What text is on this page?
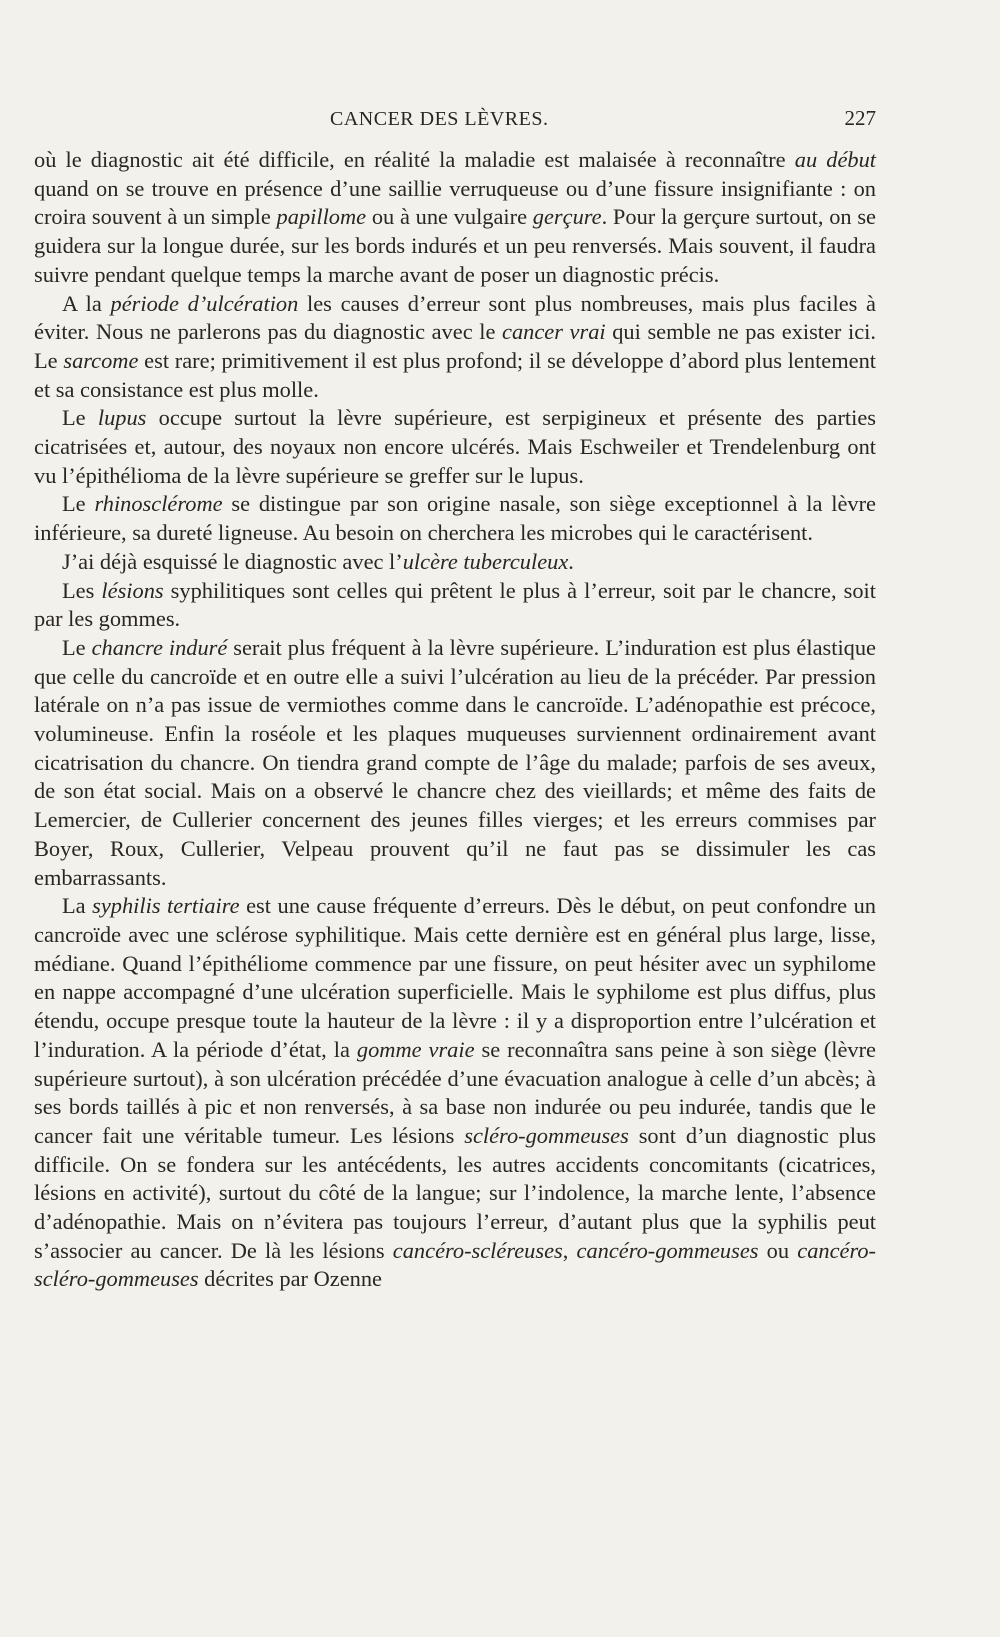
CANCER DES LÈVRES.	227

où le diagnostic ait été difficile, en réalité la maladie est malaisée à reconnaître au début quand on se trouve en présence d’une saillie verruqueuse ou d’une fissure insignifiante : on croira souvent à un simple papillome ou à une vulgaire gerçure. Pour la gerçure surtout, on se guidera sur la longue durée, sur les bords indurés et un peu renversés. Mais souvent, il faudra suivre pendant quelque temps la marche avant de poser un diagnostic précis.

A la période d’ulcération les causes d’erreur sont plus nombreuses, mais plus faciles à éviter. Nous ne parlerons pas du diagnostic avec le cancer vrai qui semble ne pas exister ici. Le sarcome est rare; primitivement il est plus profond; il se développe d’abord plus lentement et sa consistance est plus molle.

Le lupus occupe surtout la lèvre supérieure, est serpigineux et présente des parties cicatrisées et, autour, des noyaux non encore ulcérés. Mais Eschweiler et Trendelenburg ont vu l’épithélioma de la lèvre supérieure se greffer sur le lupus.

Le rhinosclérome se distingue par son origine nasale, son siège exceptionnel à la lèvre inférieure, sa dureté ligneuse. Au besoin on cherchera les microbes qui le caractérisent.

J’ai déjà esquissé le diagnostic avec l’ulcère tuberculeux.

Les lésions syphilitiques sont celles qui prêtent le plus à l’erreur, soit par le chancre, soit par les gommes.

Le chancre induré serait plus fréquent à la lèvre supérieure. L’induration est plus élastique que celle du cancroïde et en outre elle a suivi l’ulcération au lieu de la précéder. Par pression latérale on n’a pas issue de vermiothes comme dans le cancroïde. L’adénopathie est précoce, volumineuse. Enfin la roséole et les plaques muqueuses surviennent ordinairement avant cicatrisation du chancre. On tiendra grand compte de l’âge du malade; parfois de ses aveux, de son état social. Mais on a observé le chancre chez des vieillards; et même des faits de Lemercier, de Cullerier concernent des jeunes filles vierges; et les erreurs commises par Boyer, Roux, Cullerier, Velpeau prouvent qu’il ne faut pas se dissimuler les cas embarrassants.

La syphilis tertiaire est une cause fréquente d’erreurs. Dès le début, on peut confondre un cancroïde avec une sclérose syphilitique. Mais cette dernière est en général plus large, lisse, médiane. Quand l’épithéliome commence par une fissure, on peut hésiter avec un syphilome en nappe accompagné d’une ulcération superficielle. Mais le syphilome est plus diffus, plus étendu, occupe presque toute la hauteur de la lèvre : il y a disproportion entre l’ulcération et l’induration. A la période d’état, la gomme vraie se reconnaîtra sans peine à son siège (lèvre supérieure surtout), à son ulcération précédée d’une évacuation analogue à celle d’un abcès; à ses bords taillés à pic et non renversés, à sa base non indurée ou peu indurée, tandis que le cancer fait une véritable tumeur. Les lésions scléro-gommeuses sont d’un diagnostic plus difficile. On se fondera sur les antécédents, les autres accidents concomitants (cicatrices, lésions en activité), surtout du côté de la langue; sur l’indolence, la marche lente, l’absence d’adénopathie. Mais on n’évitera pas toujours l’erreur, d’autant plus que la syphilis peut s’associer au cancer. De là les lésions cancéro-scléreuses, cancéro-gommeuses ou cancéro-scléro-gommeuses décrites par Ozenne
